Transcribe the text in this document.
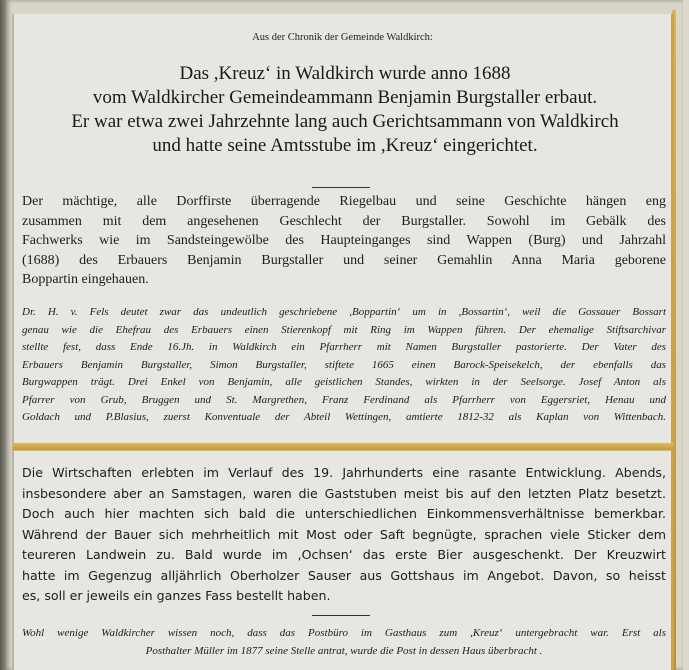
Aus der Chronik der Gemeinde Waldkirch:
Das ,Kreuz‘ in Waldkirch wurde anno 1688
vom Waldkircher Gemeindeammann Benjamin Burgstaller erbaut.
Er war etwa zwei Jahrzehnte lang auch Gerichtsammann von Waldkirch
und hatte seine Amtsstube im ,Kreuz‘ eingerichtet.
Der mächtige, alle Dorffirste überragende Riegelbau und seine Geschichte hängen eng
zusammen mit dem angesehenen Geschlecht der Burgstaller. Sowohl im Gebälk des
Fachwerks wie im Sandsteingewölbe des Haupteinganges sind Wappen (Burg) und Jahrzahl
(1688) des Erbauers Benjamin Burgstaller und seiner Gemahlin Anna Maria geborene
Boppartin eingehauen.
Dr. H. v. Fels deutet zwar das undeutlich geschriebene ,Boppartin‘ um in ,Bossartin‘, weil die Gossauer Bossart
genau wie die Ehefrau des Erbauers einen Stierenkopf mit Ring im Wappen führen. Der ehemalige Stiftsarchivar
stellte fest, dass Ende 16.Jh. in Waldkirch ein Pfarrherr mit Namen Burgstaller pastorierte. Der Vater des
Erbauers Benjamin Burgstaller, Simon Burgstaller, stiftete 1665 einen Barock-Speisekelch, der ebenfalls das
Burgwappen trägt. Drei Enkel von Benjamin, alle geistlichen Standes, wirkten in der Seelsorge. Josef Anton als
Pfarrer von Grub, Bruggen und St. Margrethen, Franz Ferdinand als Pfarrherr von Eggersriet, Henau und
Goldach und P.Blasius, zuerst Konventuale der Abteil Wettingen, amtierte 1812-32 als Kaplan von Wittenbach.
Die Wirtschaften erlebten im Verlauf des 19. Jahrhunderts eine rasante Entwicklung. Abends,
insbesondere aber an Samstagen, waren die Gaststuben meist bis auf den letzten Platz besetzt.
Doch auch hier machten sich bald die unterschiedlichen Einkommensverhältnisse bemerkbar.
Während der Bauer sich mehrheitlich mit Most oder Saft begnügte, sprachen viele Sticker dem
teureren Landwein zu. Bald wurde im ,Ochsen‘ das erste Bier ausgeschenkt. Der Kreuzwirt
hatte im Gegenzug alljährlich Oberholzer Sauser aus Gottshaus im Angebot. Davon, so heisst
es, soll er jeweils ein ganzes Fass bestellt haben.
Wohl wenige Waldkircher wissen noch, dass das Postbüro im Gasthaus zum ,Kreuz‘ untergebracht war. Erst als
Posthalter Müller im 1877 seine Stelle antrat, wurde die Post in dessen Haus überbracht .
